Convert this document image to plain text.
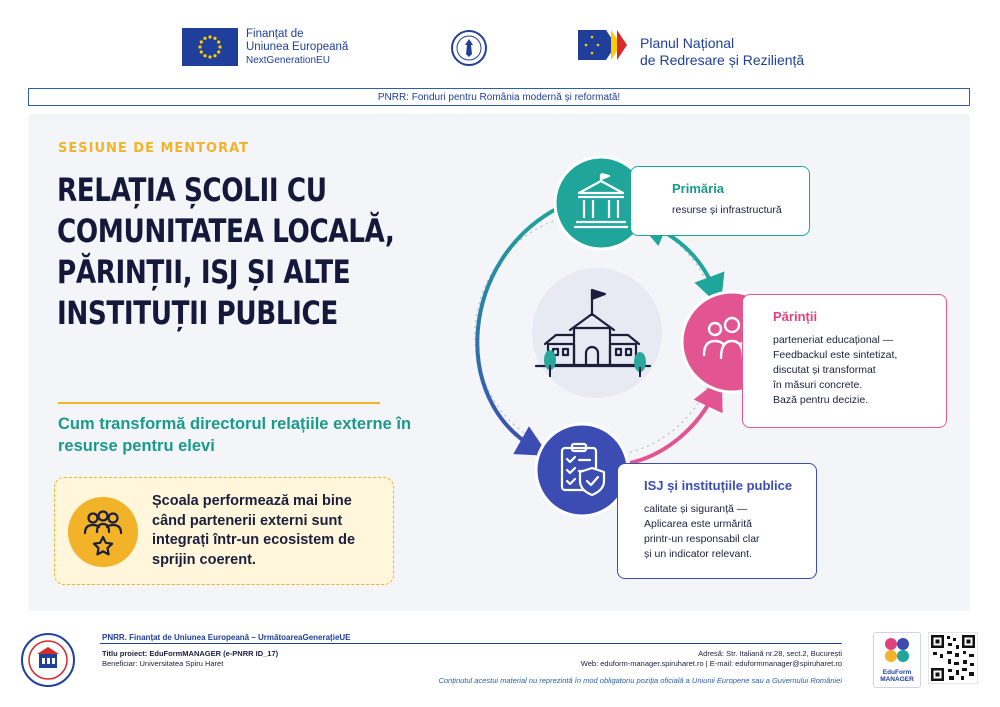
Finanțat de
Uniunea Europeană
NextGenerationEU
Planul Național
de Redresare și Reziliență
PNRR: Fonduri pentru România modernă și reformată!
SESIUNE DE MENTORAT
RELAȚIA ȘCOLII CU
COMUNITATEA LOCALĂ,
PĂRINȚII, ISJ ȘI ALTE
INSTITUȚII PUBLICE
Cum transformă directorul relațiile externe în resurse pentru elevi
Școala performează mai bine când partenerii externi sunt integrați într-un ecosistem de sprijin coerent.
Primăria

resurse și infrastructură

Părinții

parteneriat educațional —

Feedbackul este sintetizat,

discutat și transformat

în măsuri concrete.

Bază pentru decizie.

ISJ și instituțiile publice

calitate și siguranță —

Aplicarea este urmărită

printr-un responsabil clar

și un indicator relevant.

PNRR. Finanțat de Uniunea Europeană – UrmătoareaGenerațieUE
Titlu proiect: EduFormMANAGER (e-PNRR ID_17)
Beneficiar: Universitatea Spiru Haret
Adresă: Str. Italiană nr.28, sect.2, București
Web: eduform-manager.spiruharet.ro | E-mail: eduformmanager@spiruharet.ro
Conținutul acestui material nu reprezintă în mod obligatoriu poziția oficială a Uniunii Europene sau a Guvernului României
EduForm
MANAGER
